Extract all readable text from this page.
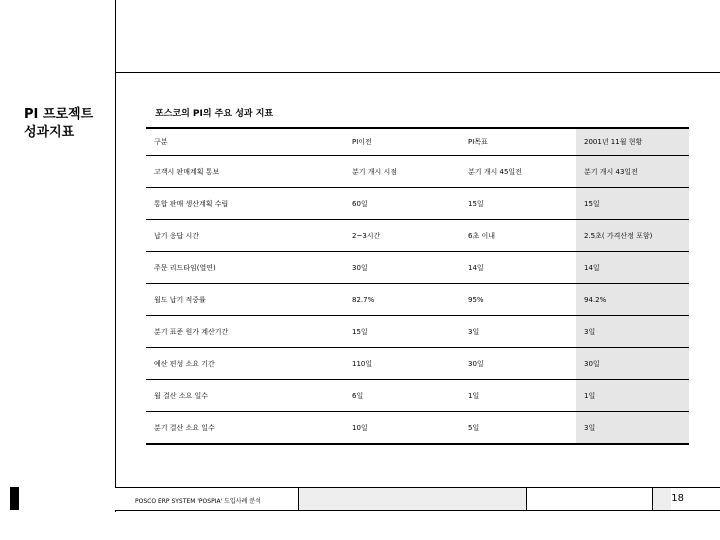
PI 프로젝트
성과지표
포스코의 PI의 주요 성과 지표
구분	PI이전	PI목표	2001년 11월 현황
고객시 판매계획 통보	분기 개시 시점	분기 개시 45일전	분기 개시 43일전
통합 판매 생산계획 수립	60일	15일	15일
납기 응답 시간	2~3시간	6초 이내	2.5초( 가격산정 포함)
주문 리드타임(열연)	30일	14일	14일
월도 납기 적중률	82.7%	95%	94.2%
분기 표준 원가 계산기간	15일	3일	3일
예산 편성 소요 기간	110일	30일	30일
월 결산 소요 일수	6일	1일	1일
분기 결산 소요 일수	10일	5일	3일
POSCO ERP SYSTEM 'POSPIA' 도입사례 분석	18
